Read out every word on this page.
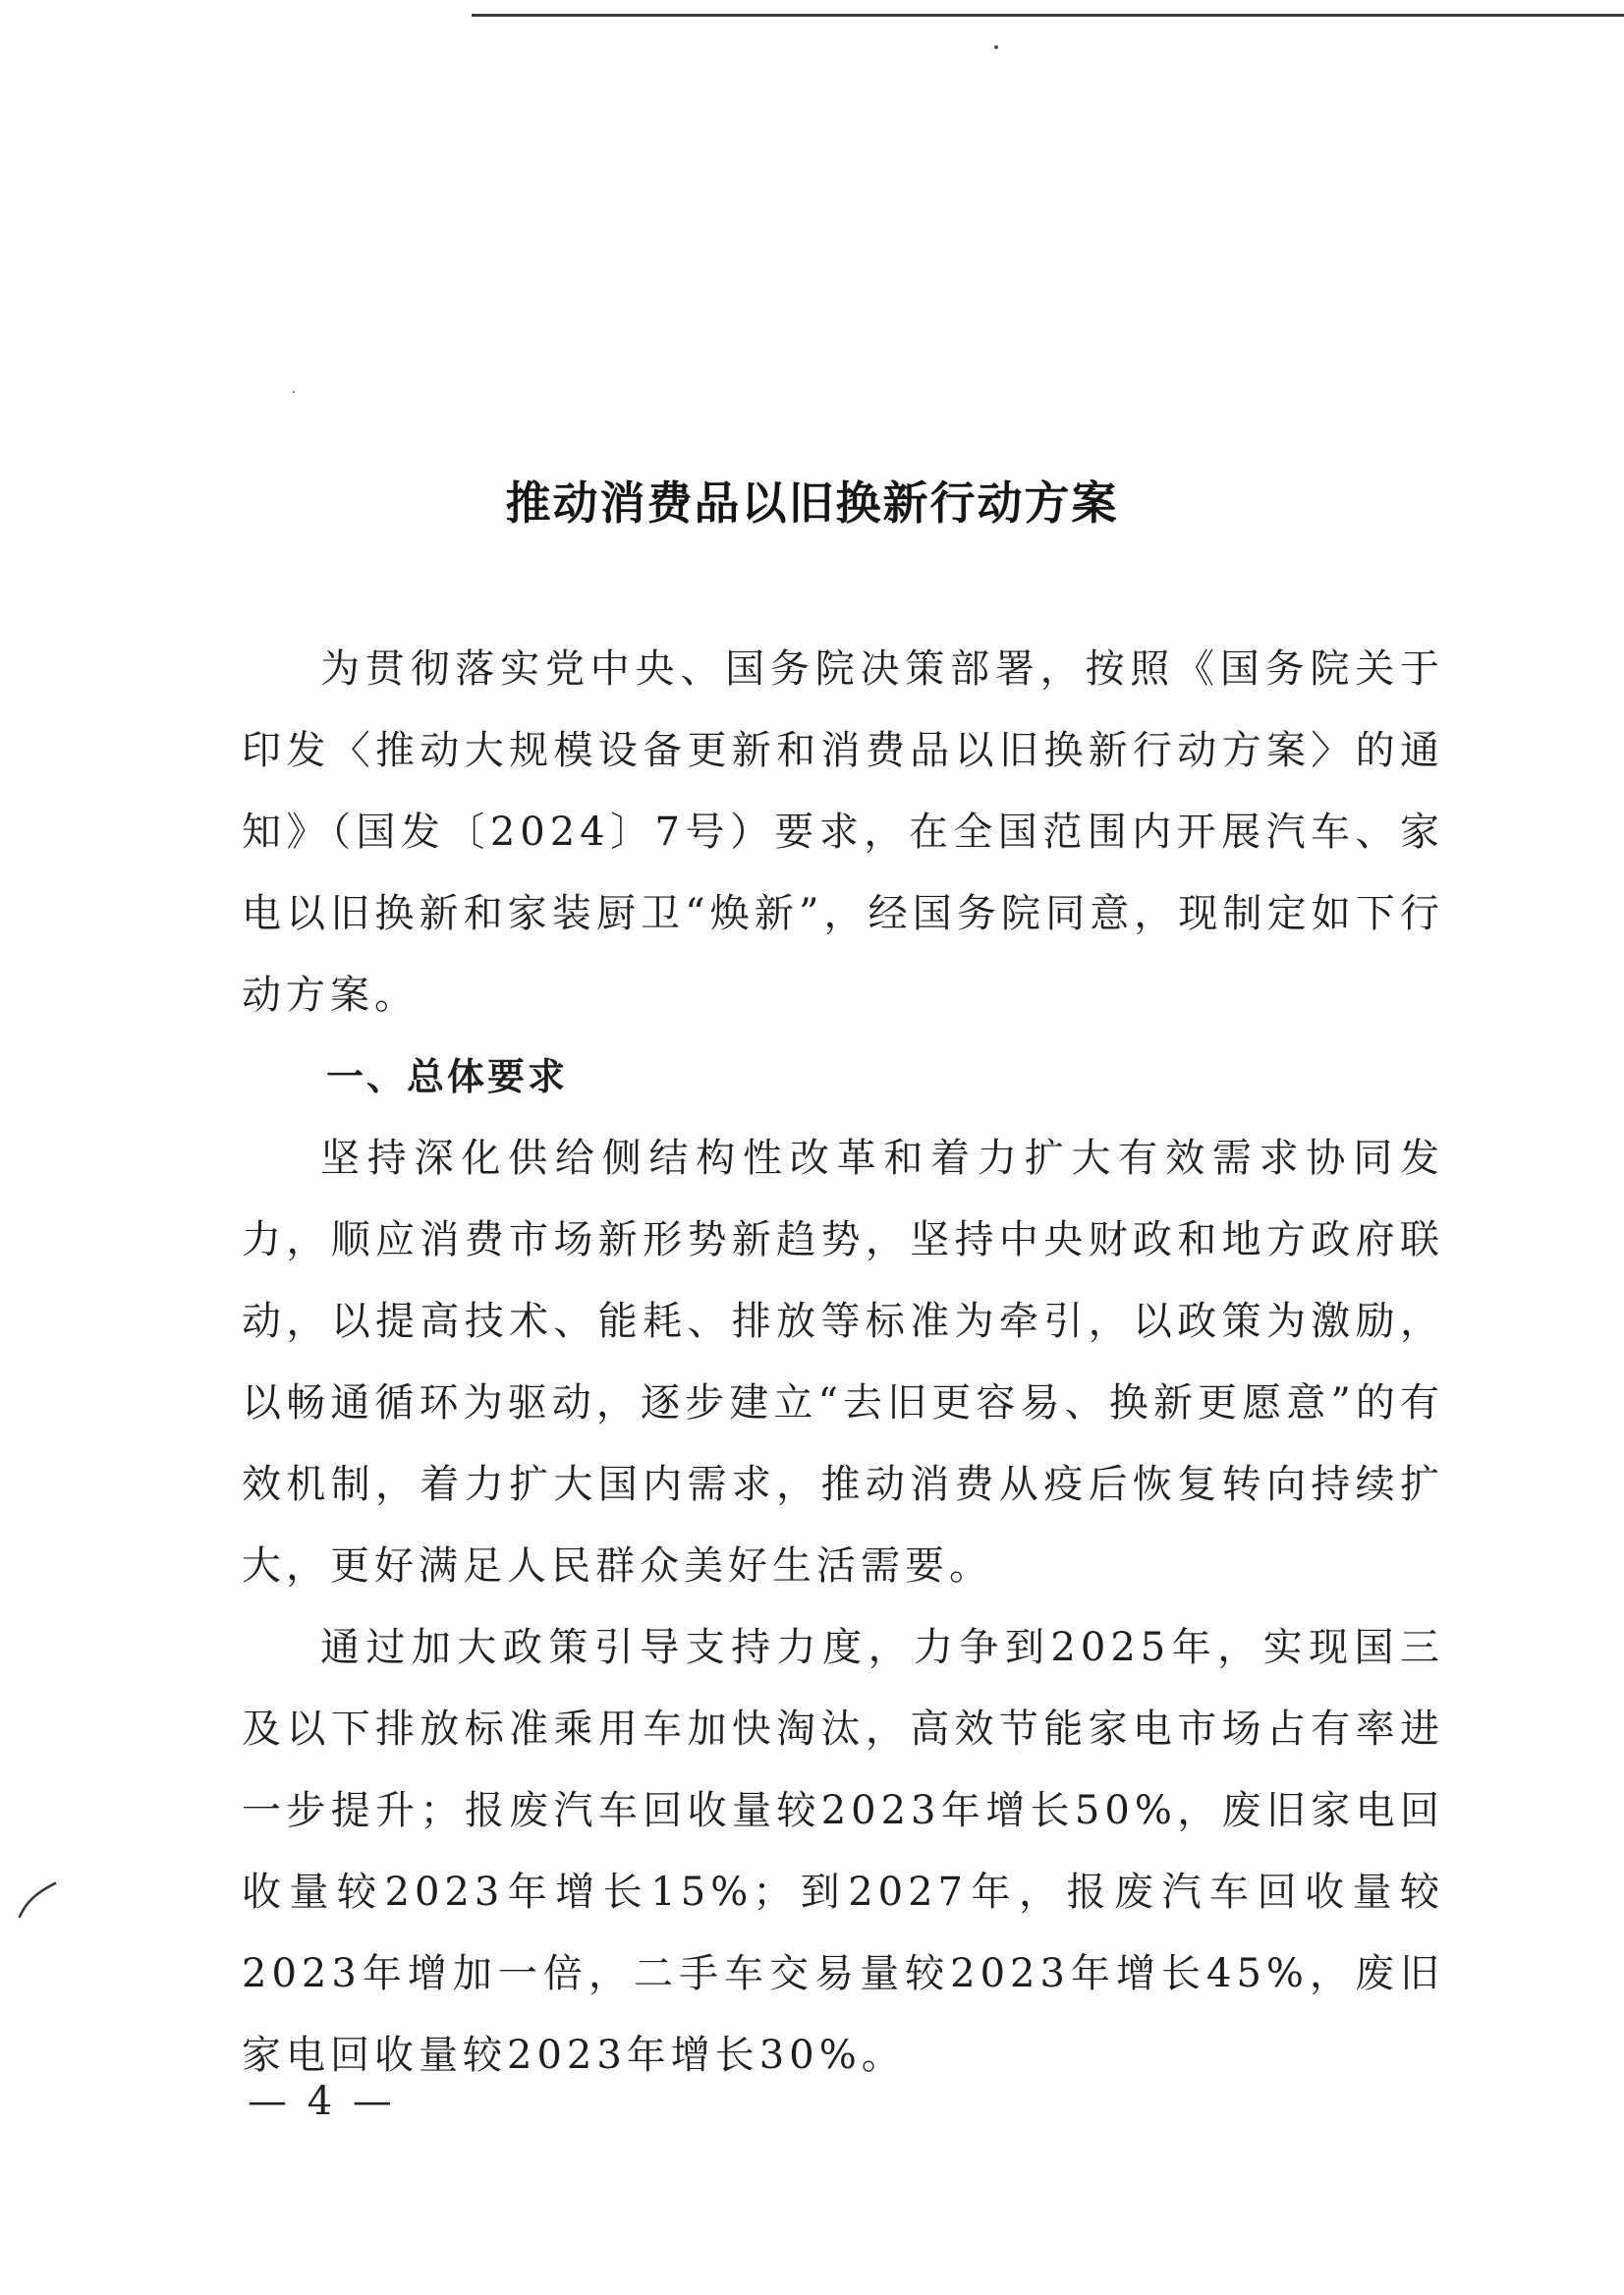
推动消费品以旧换新行动方案

为贯彻落实党中央、国务院决策部署，按照《国务院关于印发〈推动大规模设备更新和消费品以旧换新行动方案〉的通知》（国发〔2024〕7号）要求，在全国范围内开展汽车、家电以旧换新和家装厨卫“焕新”，经国务院同意，现制定如下行动方案。

一、总体要求

坚持深化供给侧结构性改革和着力扩大有效需求协同发力，顺应消费市场新形势新趋势，坚持中央财政和地方政府联动，以提高技术、能耗、排放等标准为牵引，以政策为激励，以畅通循环为驱动，逐步建立“去旧更容易、换新更愿意”的有效机制，着力扩大国内需求，推动消费从疫后恢复转向持续扩大，更好满足人民群众美好生活需要。

通过加大政策引导支持力度，力争到2025年，实现国三及以下排放标准乘用车加快淘汰，高效节能家电市场占有率进一步提升；报废汽车回收量较2023年增长50%，废旧家电回收量较2023年增长15%；到2027年，报废汽车回收量较2023年增加一倍，二手车交易量较2023年增长45%，废旧家电回收量较2023年增长30%。

— 4 —
